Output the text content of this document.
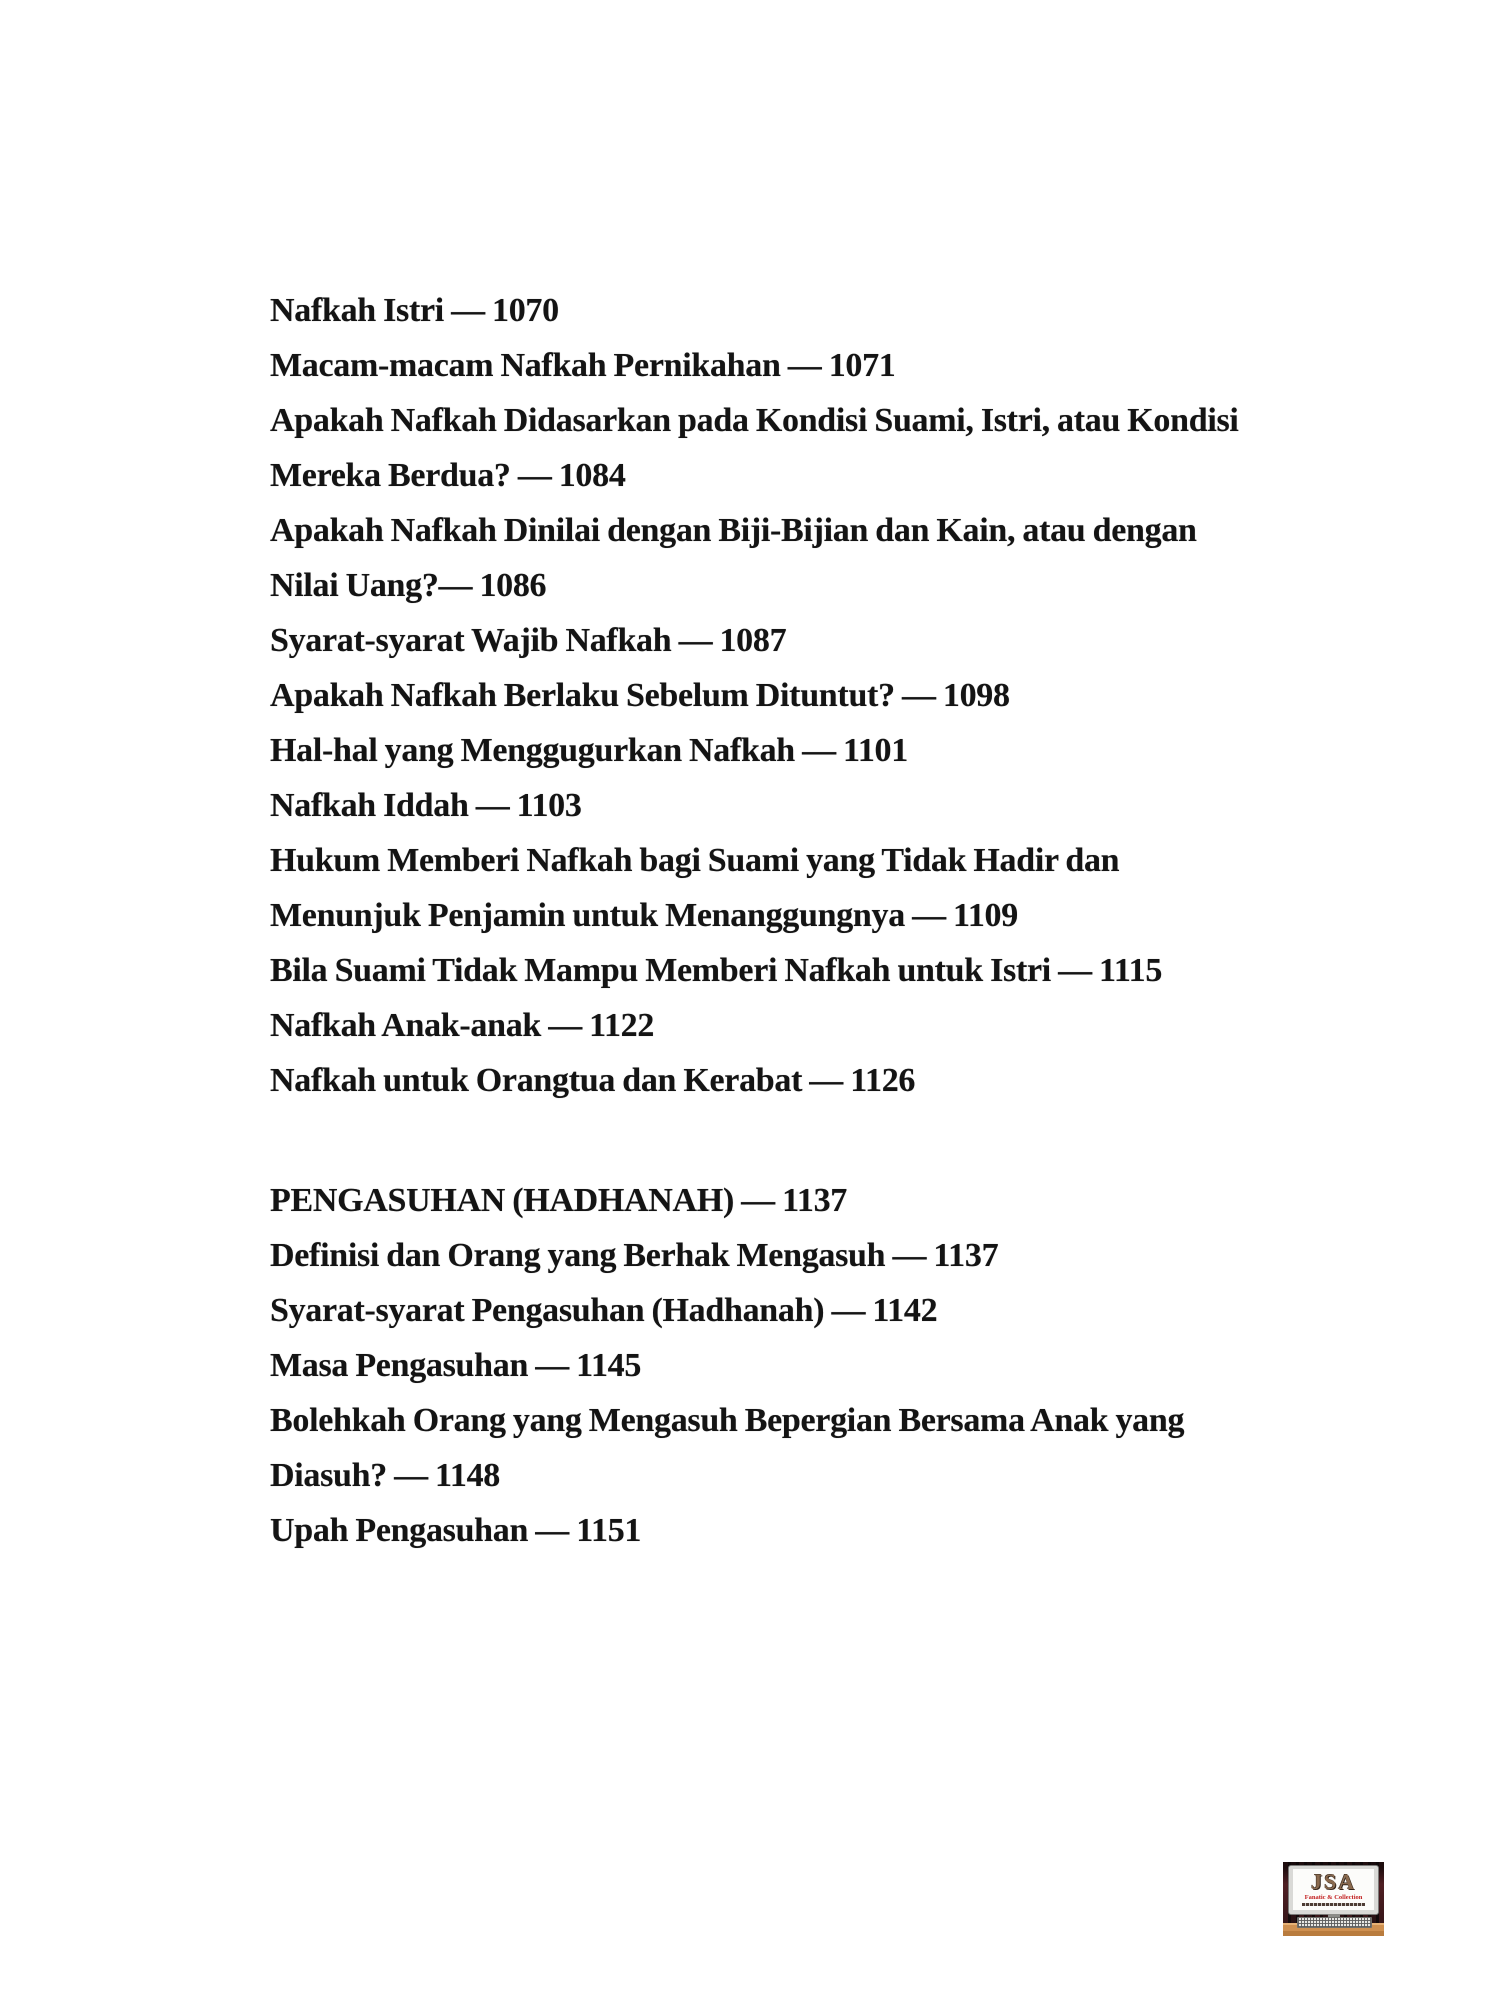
Nafkah Istri — 1070
Macam-macam Nafkah Pernikahan — 1071
Apakah Nafkah Didasarkan pada Kondisi Suami, Istri, atau Kondisi
Mereka Berdua? — 1084
Apakah Nafkah Dinilai dengan Biji-Bijian dan Kain, atau dengan
Nilai Uang?— 1086
Syarat-syarat Wajib Nafkah — 1087
Apakah Nafkah Berlaku Sebelum Dituntut? — 1098
Hal-hal yang Menggugurkan Nafkah — 1101
Nafkah Iddah — 1103
Hukum Memberi Nafkah bagi Suami yang Tidak Hadir dan
Menunjuk Penjamin untuk Menanggungnya — 1109
Bila Suami Tidak Mampu Memberi Nafkah untuk Istri — 1115
Nafkah Anak-anak — 1122
Nafkah untuk Orangtua dan Kerabat — 1126
PENGASUHAN (HADHANAH) — 1137
Definisi dan Orang yang Berhak Mengasuh — 1137
Syarat-syarat Pengasuhan (Hadhanah) — 1142
Masa Pengasuhan — 1145
Bolehkah Orang yang Mengasuh Bepergian Bersama Anak yang
Diasuh? — 1148
Upah Pengasuhan — 1151
JSA
Fanatic & Collection
